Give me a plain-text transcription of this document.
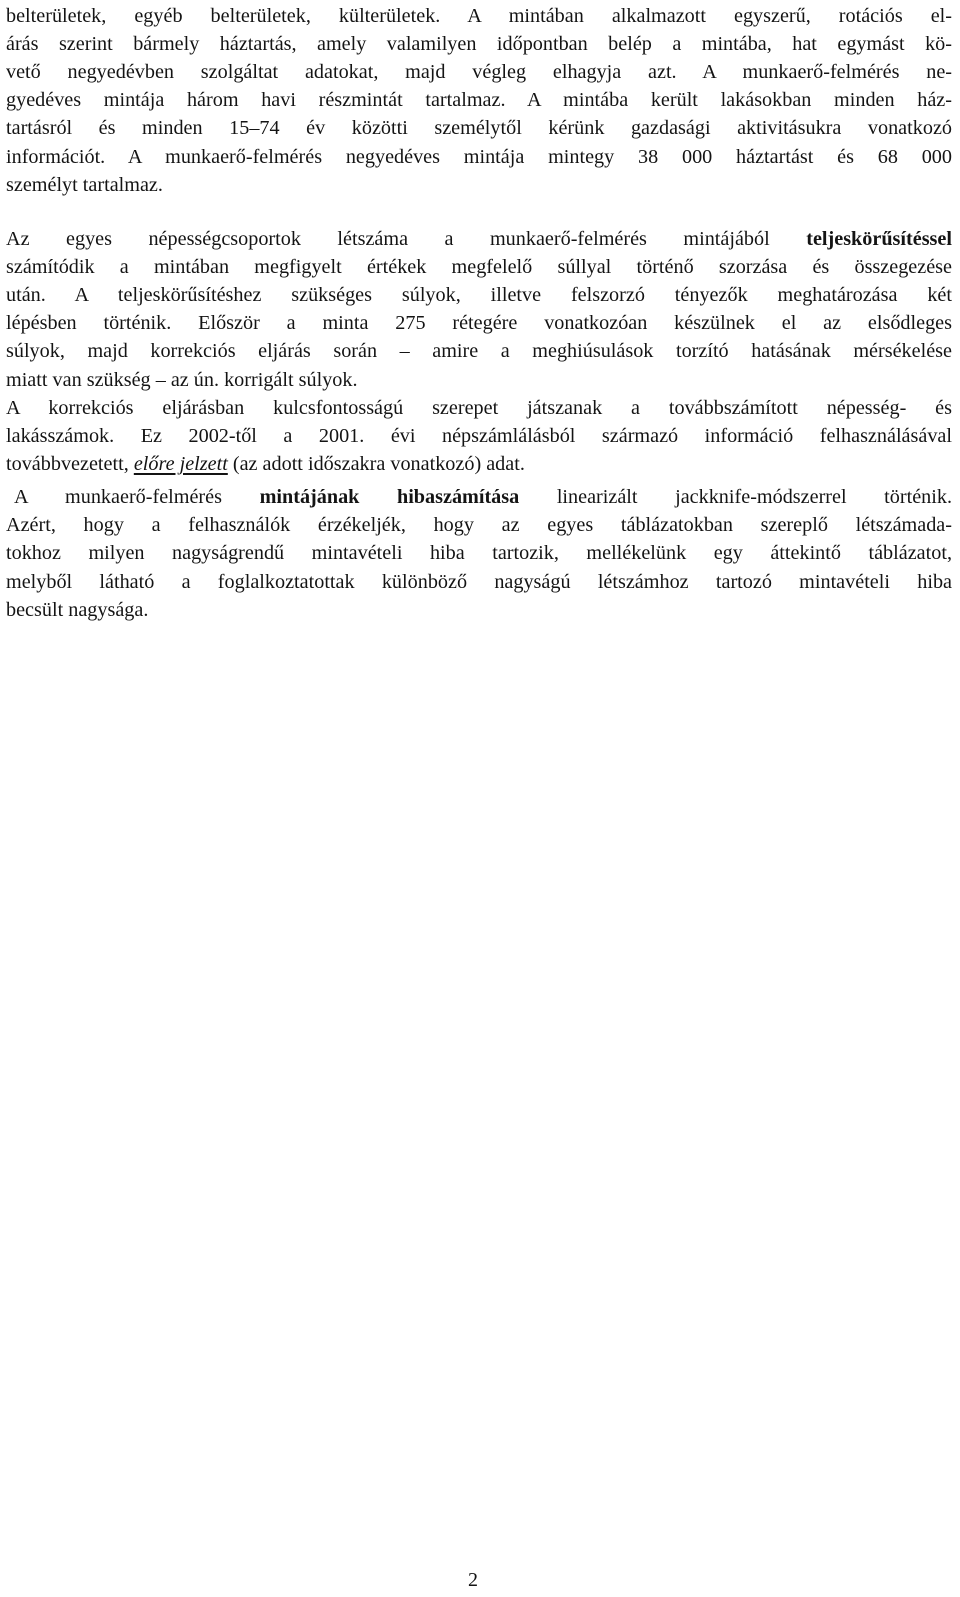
belterületek, egyéb belterületek, külterületek. A mintában alkalmazott egyszerű, rotációs el-
árás szerint bármely háztartás, amely valamilyen időpontban belép a mintába, hat egymást kö-
vető negyedévben szolgáltat adatokat, majd végleg elhagyja azt. A munkaerő-felmérés ne-
gyedéves mintája három havi részmintát tartalmaz. A mintába került lakásokban minden ház-
tartásról és minden 15–74 év közötti személytől kérünk gazdasági aktivitásukra vonatkozó
információt. A munkaerő-felmérés negyedéves mintája mintegy 38 000 háztartást és 68 000
személyt tartalmaz.
Az egyes népességcsoportok létszáma a munkaerő-felmérés mintájából teljeskörűsítéssel
számítódik a mintában megfigyelt értékek megfelelő súllyal történő szorzása és összegezése
után. A teljeskörűsítéshez szükséges súlyok, illetve felszorzó tényezők meghatározása két
lépésben történik. Először a minta 275 rétegére vonatkozóan készülnek el az elsődleges
súlyok, majd korrekciós eljárás során – amire a meghiúsulások torzító hatásának mérsékelése
miatt van szükség – az ún. korrigált súlyok.
A korrekciós eljárásban kulcsfontosságú szerepet játszanak a továbbszámított népesség- és
lakásszámok. Ez 2002-től a 2001. évi népszámlálásból származó információ felhasználásával
továbbvezetett, előre jelzett (az adott időszakra vonatkozó) adat.
A munkaerő-felmérés mintájának hibaszámítása linearizált jackknife-módszerrel történik.
Azért, hogy a felhasználók érzékeljék, hogy az egyes táblázatokban szereplő létszámada-
tokhoz milyen nagyságrendű mintavételi hiba tartozik, mellékelünk egy áttekintő táblázatot,
melyből látható a foglalkoztatottak különböző nagyságú létszámhoz tartozó mintavételi hiba
becsült nagysága.
2
